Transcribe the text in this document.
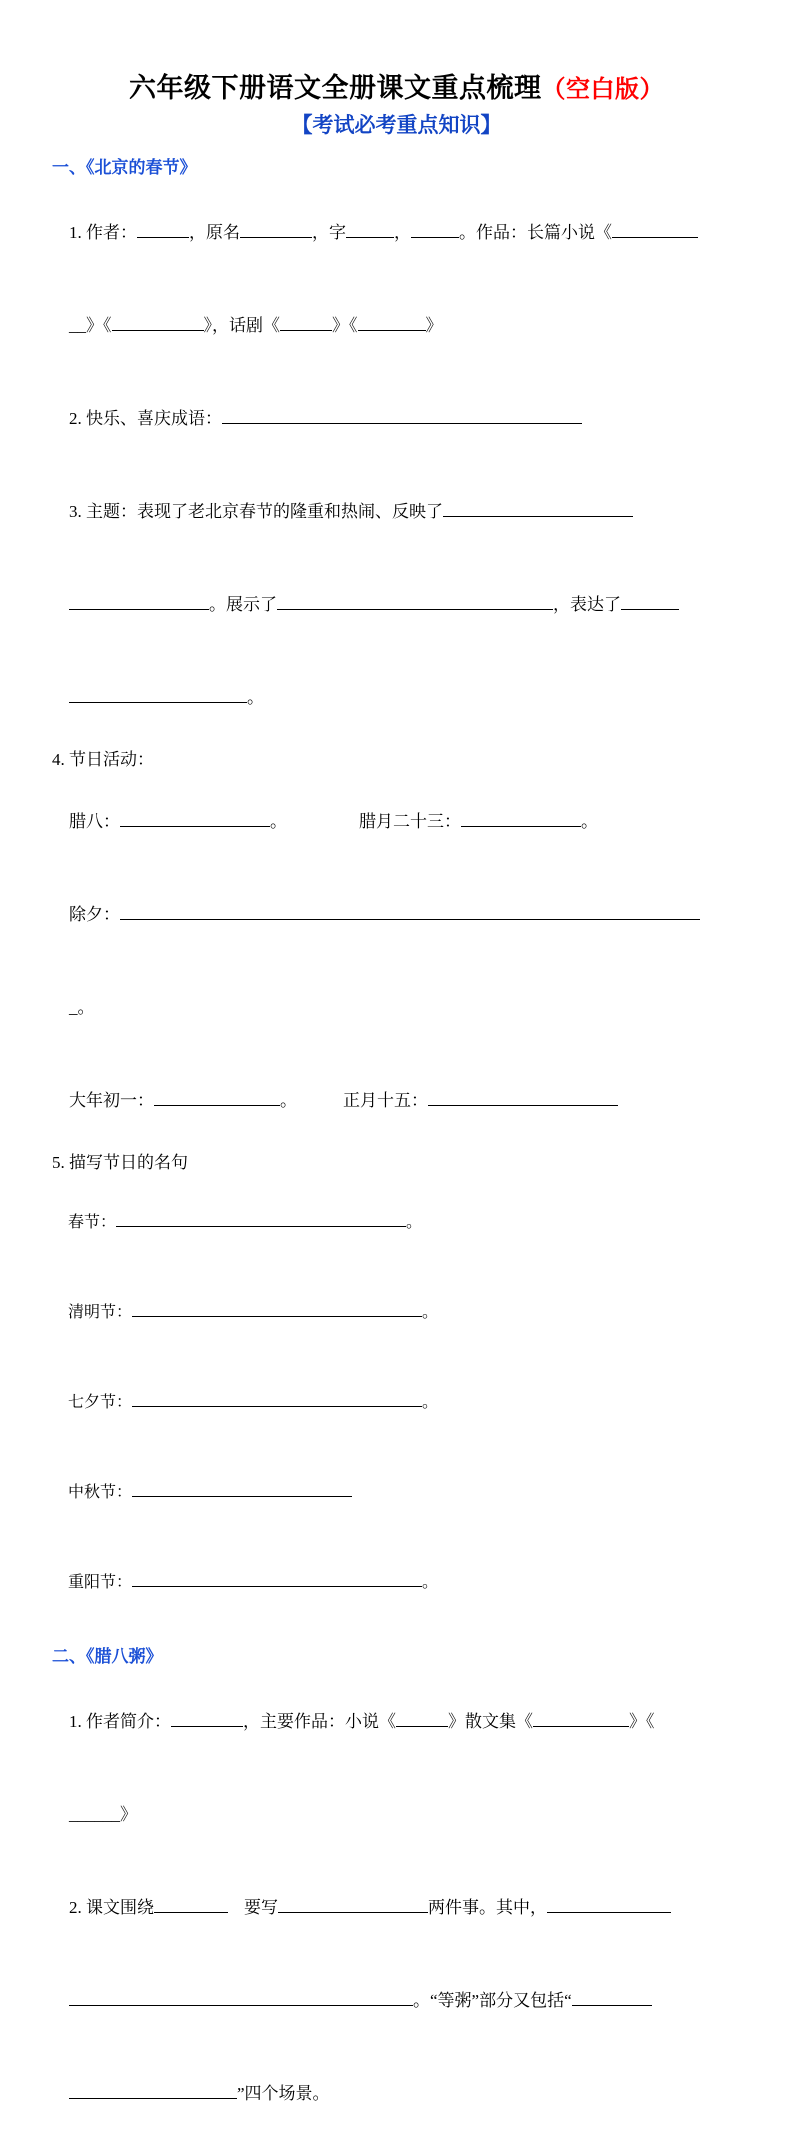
六年级下册语文全册课文重点梳理（空白版）
【考试必考重点知识】
一、《北京的春节》

1. 作者：	，原名	，字	，	。作品：长篇小说《

__》《	》，话剧《	》《	》

2. 快乐、喜庆成语：

3. 主题：表现了老北京春节的隆重和热闹、反映了

。展示了	，表达了

。

4. 节日活动：

腊八：	。	腊月二十三：	。

除夕：

_。

大年初一：	。	正月十五：

5. 描写节日的名句

春节：	。

清明节：	。

七夕节：	。

中秋节：

重阳节：	。

二、《腊八粥》

1. 作者简介：	，主要作品：小说《	》散文集《	》《

______》

2. 课文围绕	要写	两件事。其中，

。“等粥”部分又包括“

”四个场景。
